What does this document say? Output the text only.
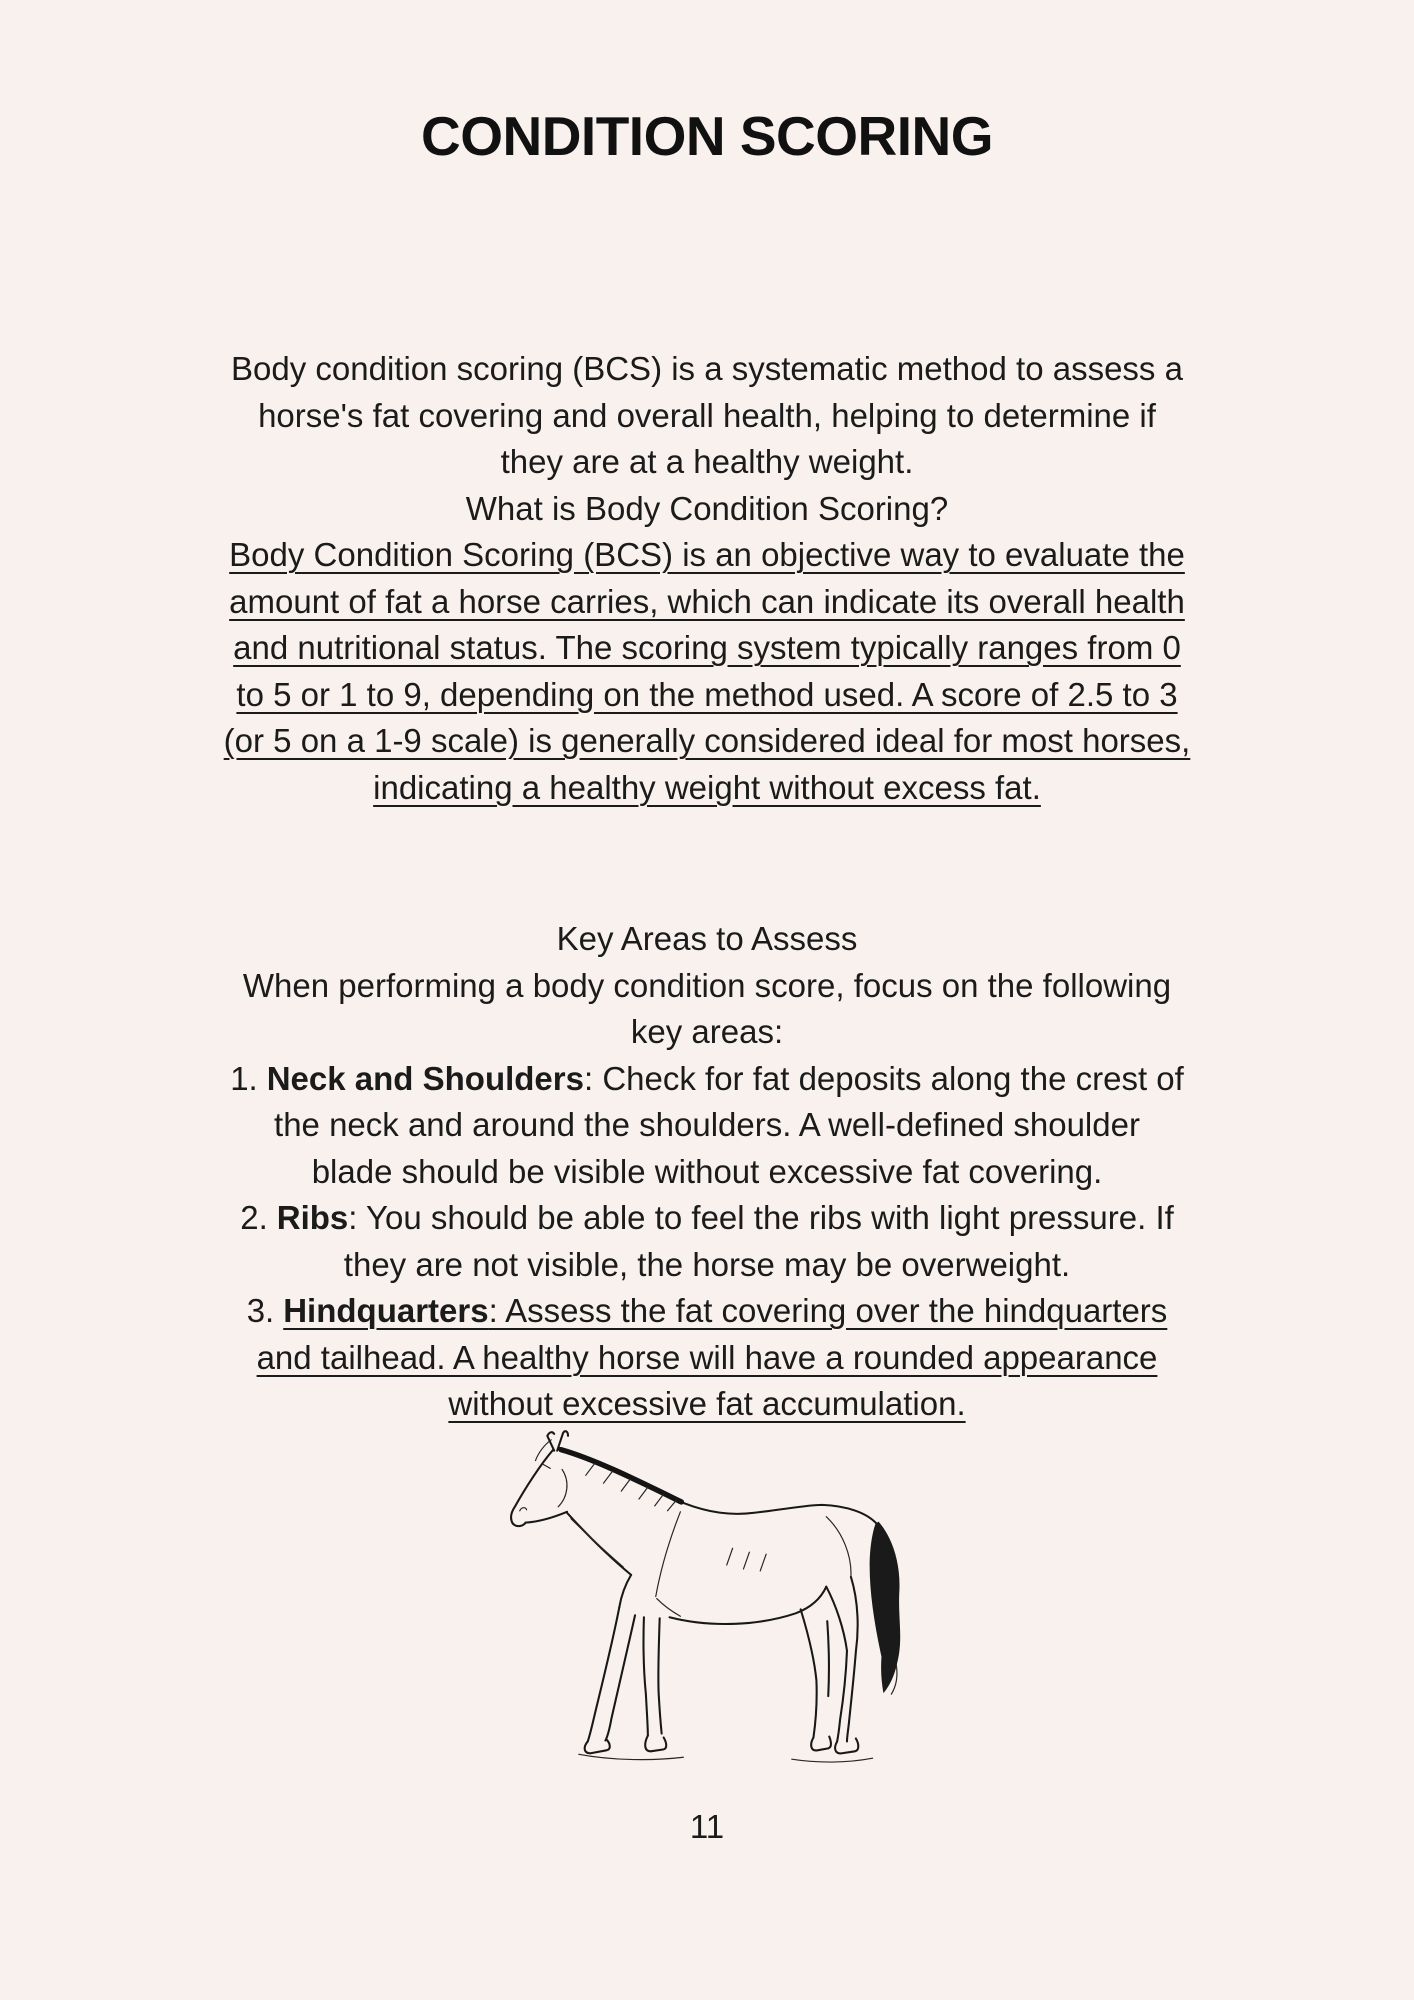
CONDITION SCORING
Body condition scoring (BCS) is a systematic method to assess a
horse's fat covering and overall health, helping to determine if
they are at a healthy weight.
What is Body Condition Scoring?
Body Condition Scoring (BCS) is an objective way to evaluate the
amount of fat a horse carries, which can indicate its overall health
and nutritional status. The scoring system typically ranges from 0
to 5 or 1 to 9, depending on the method used. A score of 2.5 to 3
(or 5 on a 1-9 scale) is generally considered ideal for most horses,
indicating a healthy weight without excess fat.
Key Areas to Assess
When performing a body condition score, focus on the following
key areas:
1. Neck and Shoulders: Check for fat deposits along the crest of
the neck and around the shoulders. A well-defined shoulder
blade should be visible without excessive fat covering.
2. Ribs: You should be able to feel the ribs with light pressure. If
they are not visible, the horse may be overweight.
3. Hindquarters: Assess the fat covering over the hindquarters
and tailhead. A healthy horse will have a rounded appearance
without excessive fat accumulation.
11
